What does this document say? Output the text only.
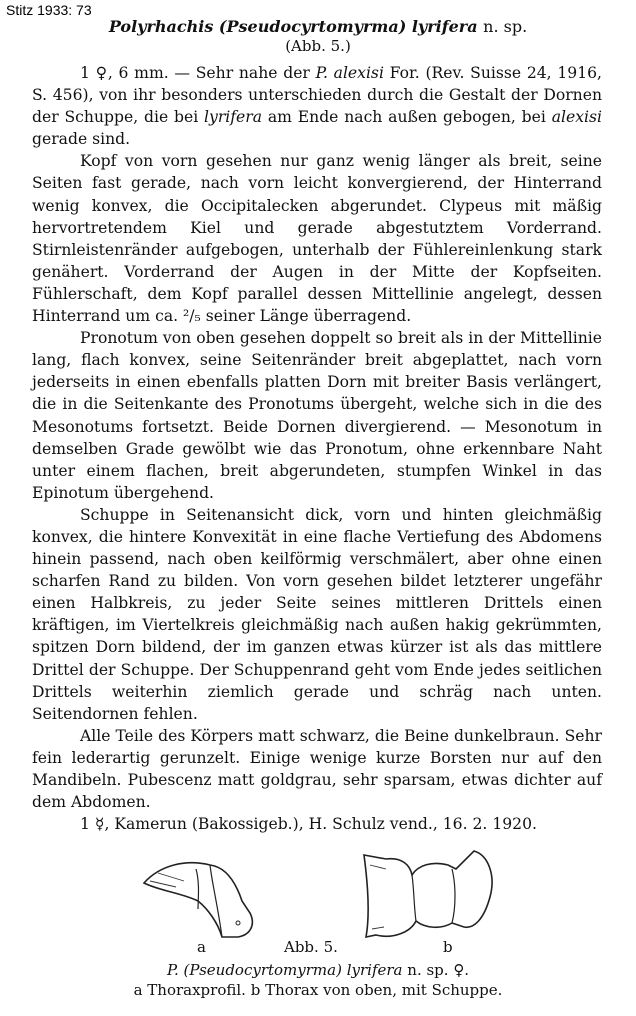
Stitz 1933: 73
Polyrhachis (Pseudocyrtomyrma) lyrifera n. sp.
(Abb. 5.)

1 ♀, 6 mm. — Sehr nahe der P. alexisi For. (Rev. Suisse 24, 1916, S. 456), von ihr besonders unterschieden durch die Gestalt der Dornen der Schuppe, die bei lyrifera am Ende nach außen gebogen, bei alexisi gerade sind.

Kopf von vorn gesehen nur ganz wenig länger als breit, seine Seiten fast gerade, nach vorn leicht konvergierend, der Hinterrand wenig konvex, die Occipitalecken abgerundet. Clypeus mit mäßig hervortretendem Kiel und gerade abgestutztem Vorderrand. Stirnleistenränder aufgebogen, unterhalb der Fühlereinlenkung stark genähert. Vorderrand der Augen in der Mitte der Kopfseiten. Fühlerschaft, dem Kopf parallel dessen Mittellinie angelegt, dessen Hinterrand um ca. ²/₅ seiner Länge überragend.

Pronotum von oben gesehen doppelt so breit als in der Mittellinie lang, flach konvex, seine Seitenränder breit abgeplattet, nach vorn jederseits in einen ebenfalls platten Dorn mit breiter Basis verlängert, die in die Seitenkante des Pronotums übergeht, welche sich in die des Mesonotums fortsetzt. Beide Dornen divergierend. — Mesonotum in demselben Grade gewölbt wie das Pronotum, ohne erkennbare Naht unter einem flachen, breit abgerundeten, stumpfen Winkel in das Epinotum übergehend.

Schuppe in Seitenansicht dick, vorn und hinten gleichmäßig konvex, die hintere Konvexität in eine flache Vertiefung des Abdomens hinein passend, nach oben keilförmig verschmälert, aber ohne einen scharfen Rand zu bilden. Von vorn gesehen bildet letzterer ungefähr einen Halbkreis, zu jeder Seite seines mittleren Drittels einen kräftigen, im Viertelkreis gleichmäßig nach außen hakig gekrümmten, spitzen Dorn bildend, der im ganzen etwas kürzer ist als das mittlere Drittel der Schuppe. Der Schuppenrand geht vom Ende jedes seitlichen Drittels weiterhin ziemlich gerade und schräg nach unten. Seitendornen fehlen.

Alle Teile des Körpers matt schwarz, die Beine dunkelbraun. Sehr fein lederartig gerunzelt. Einige wenige kurze Borsten nur auf den Mandibeln. Pubescenz matt goldgrau, sehr sparsam, etwas dichter auf dem Abdomen.

1 ☿, Kamerun (Bakossigeb.), H. Schulz vend., 16. 2. 1920.

a	Abb. 5.	b
P. (Pseudocyrtomyrma) lyrifera n. sp. ♀.
a Thoraxprofil. b Thorax von oben, mit Schuppe.
